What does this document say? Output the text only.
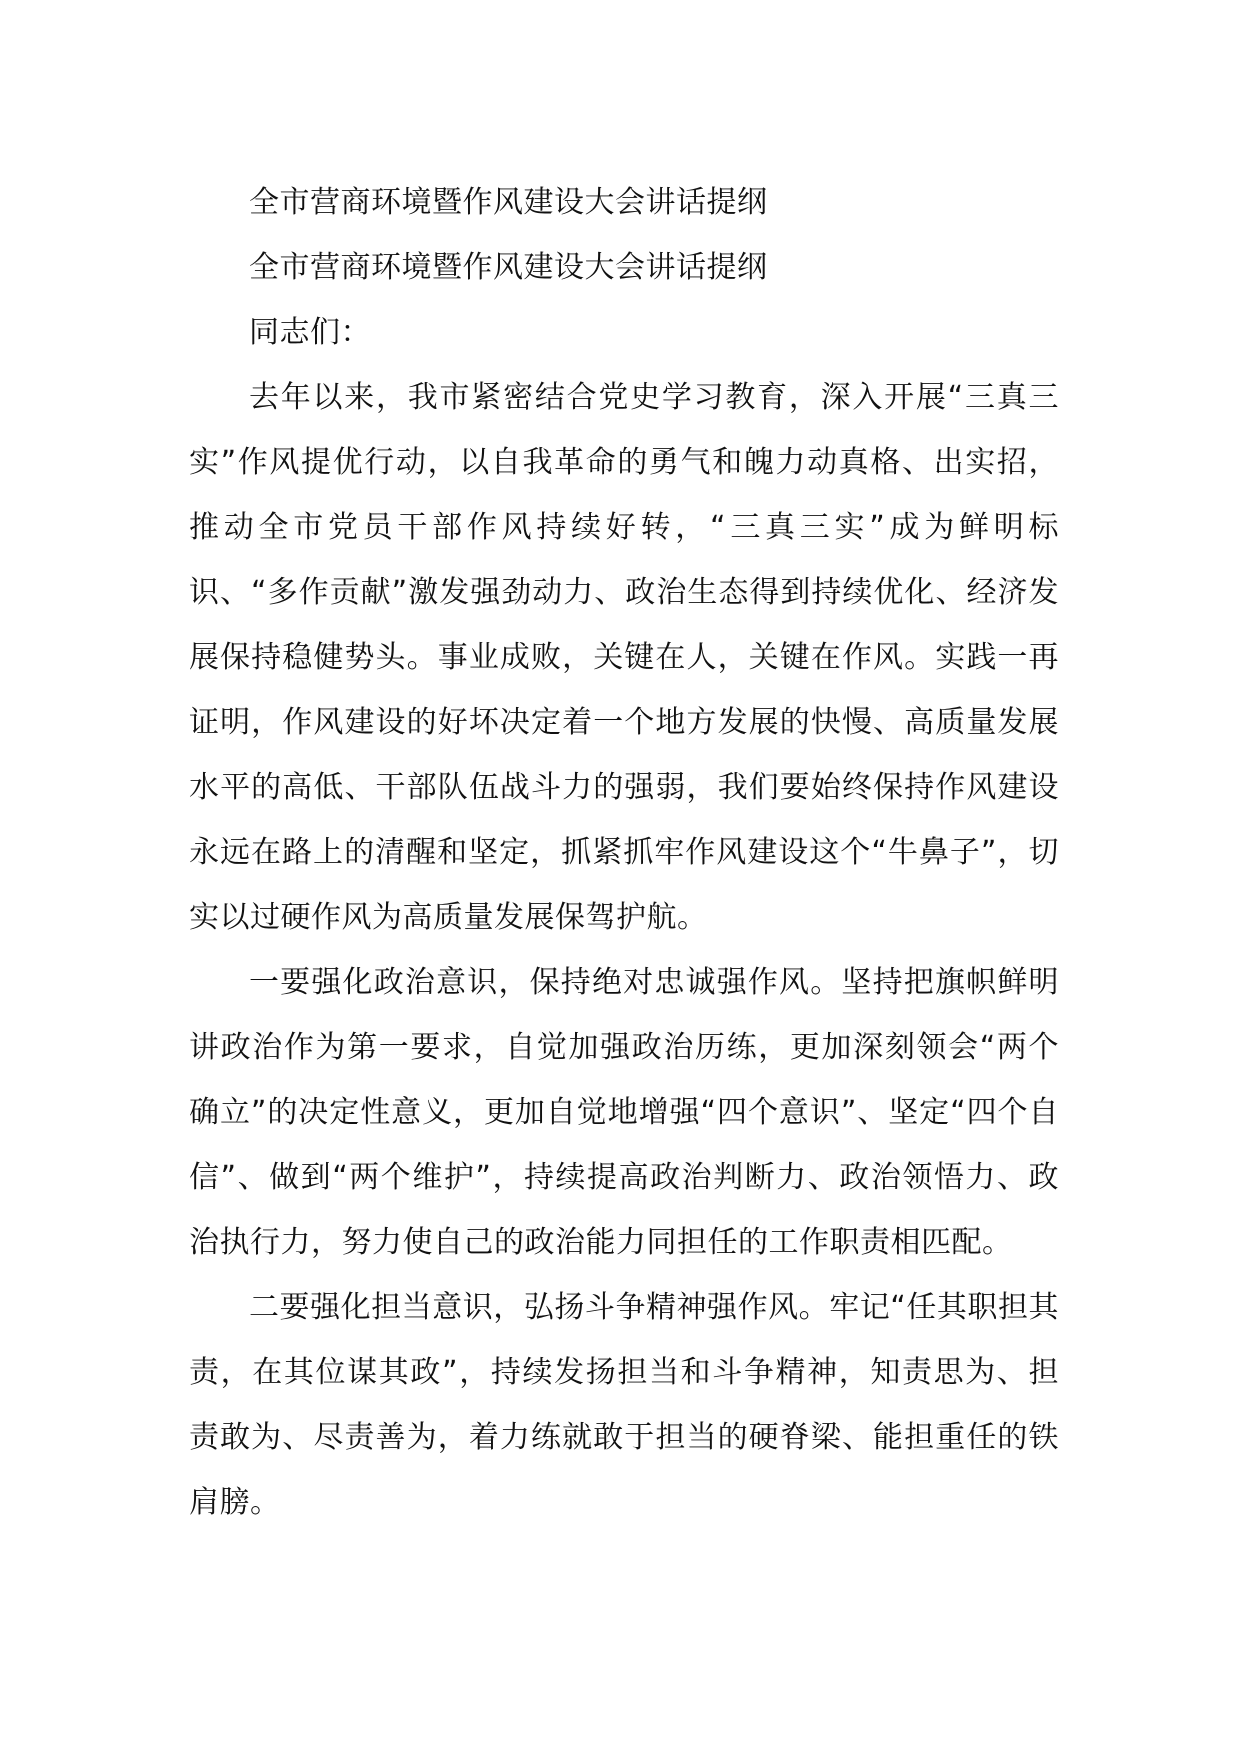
全市营商环境暨作风建设大会讲话提纲

全市营商环境暨作风建设大会讲话提纲

同志们：

去年以来，我市紧密结合党史学习教育，深入开展“三真三实”作风提优行动，以自我革命的勇气和魄力动真格、出实招，推动全市党员干部作风持续好转，“三真三实”成为鲜明标识、“多作贡献”激发强劲动力、政治生态得到持续优化、经济发展保持稳健势头。事业成败，关键在人，关键在作风。实践一再证明，作风建设的好坏决定着一个地方发展的快慢、高质量发展水平的高低、干部队伍战斗力的强弱，我们要始终保持作风建设永远在路上的清醒和坚定，抓紧抓牢作风建设这个“牛鼻子”，切实以过硬作风为高质量发展保驾护航。

一要强化政治意识，保持绝对忠诚强作风。坚持把旗帜鲜明讲政治作为第一要求，自觉加强政治历练，更加深刻领会“两个确立”的决定性意义，更加自觉地增强“四个意识”、坚定“四个自信”、做到“两个维护”，持续提高政治判断力、政治领悟力、政治执行力，努力使自己的政治能力同担任的工作职责相匹配。

二要强化担当意识，弘扬斗争精神强作风。牢记“任其职担其责，在其位谋其政”，持续发扬担当和斗争精神，知责思为、担责敢为、尽责善为，着力练就敢于担当的硬脊梁、能担重任的铁肩膀。
